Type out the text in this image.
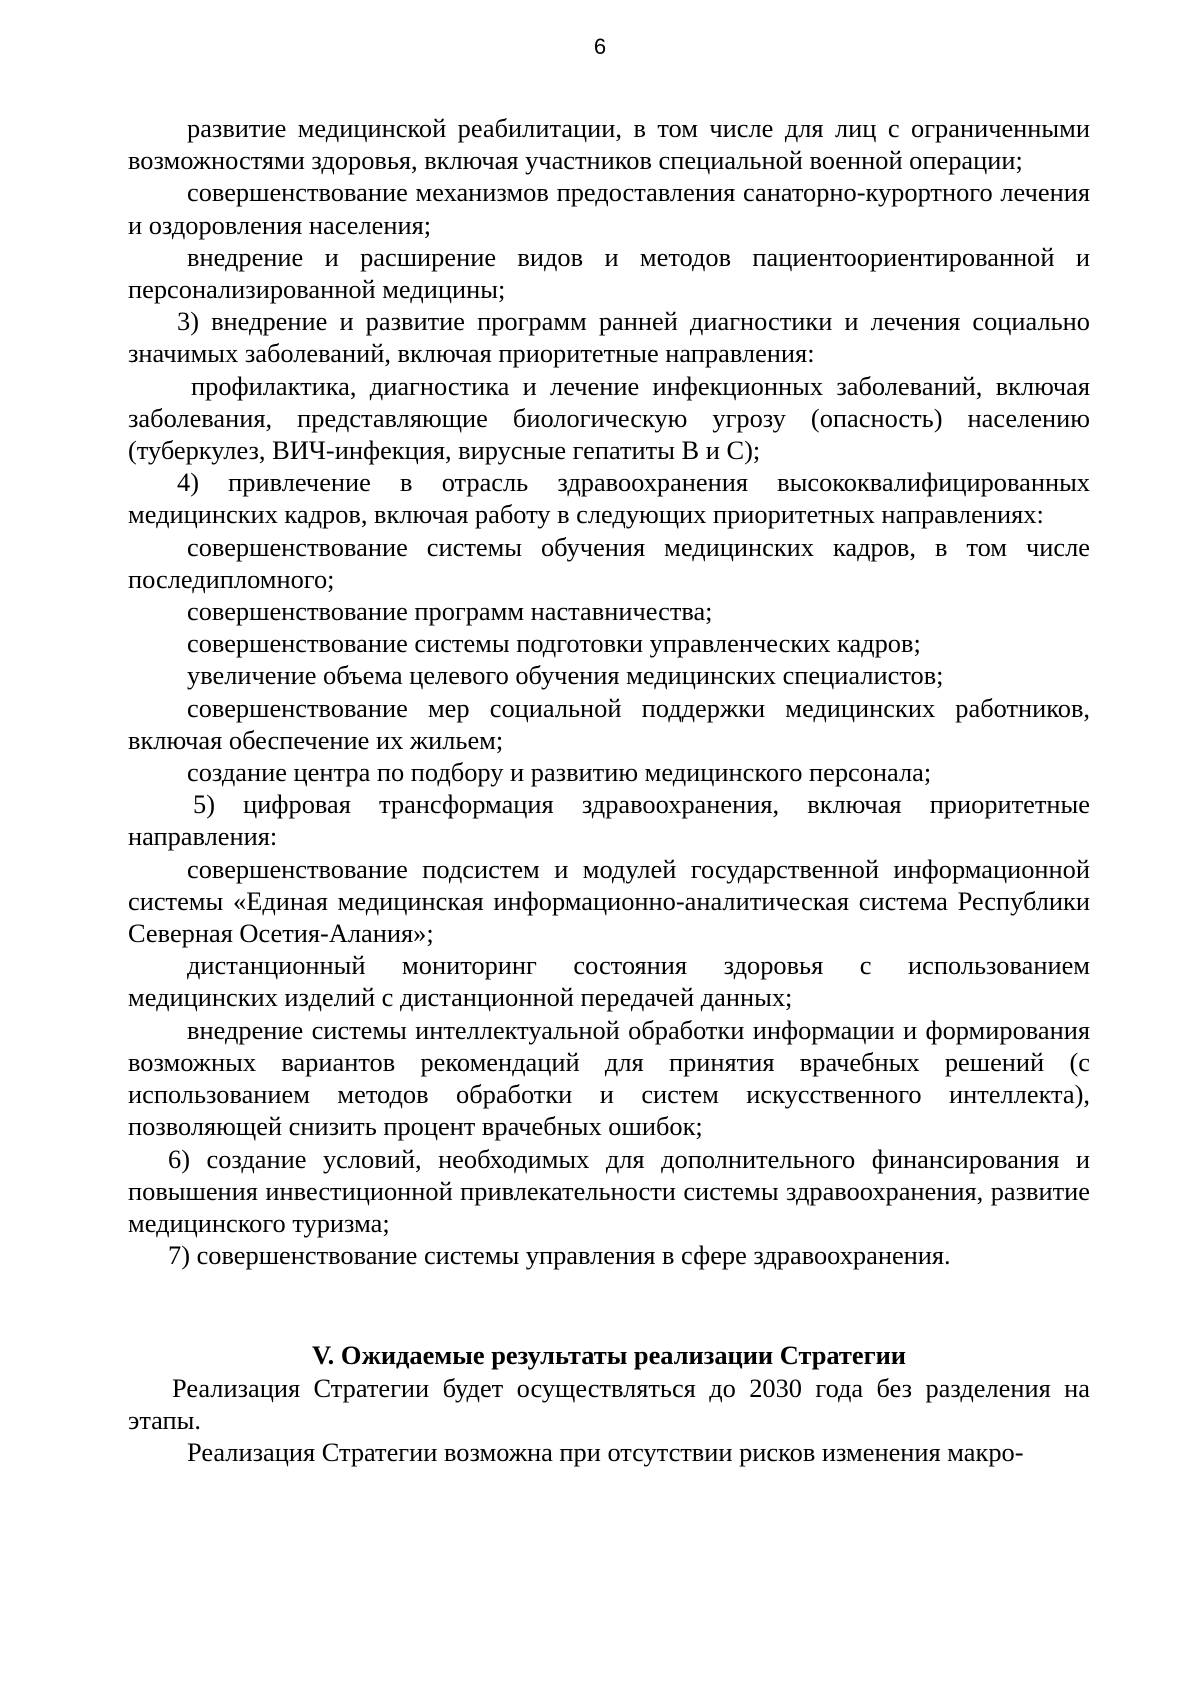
6

развитие медицинской реабилитации, в том числе для лиц с ограниченными возможностями здоровья, включая участников специальной военной операции;

совершенствование механизмов предоставления санаторно-курортного лечения и оздоровления населения;

внедрение и расширение видов и методов пациентоориентированной и персонализированной медицины;

3) внедрение и развитие программ ранней диагностики и лечения социально значимых заболеваний, включая приоритетные направления:

профилактика, диагностика и лечение инфекционных заболеваний, включая заболевания, представляющие биологическую угрозу (опасность) населению (туберкулез, ВИЧ-инфекция, вирусные гепатиты В и С);

4) привлечение в отрасль здравоохранения высококвалифицированных медицинских кадров, включая работу в следующих приоритетных направлениях:

совершенствование системы обучения медицинских кадров, в том числе последипломного;

совершенствование программ наставничества;

совершенствование системы подготовки управленческих кадров;

увеличение объема целевого обучения медицинских специалистов;

совершенствование мер социальной поддержки медицинских работников, включая обеспечение их жильем;

создание центра по подбору и развитию медицинского персонала;

5) цифровая трансформация здравоохранения, включая приоритетные направления:

совершенствование подсистем и модулей государственной информационной системы «Единая медицинская информационно-аналитическая система Республики Северная Осетия-Алания»;

дистанционный мониторинг состояния здоровья с использованием медицинских изделий с дистанционной передачей данных;

внедрение системы интеллектуальной обработки информации и формирования возможных вариантов рекомендаций для принятия врачебных решений (с использованием методов обработки и систем искусственного интеллекта), позволяющей снизить процент врачебных ошибок;

6) создание условий, необходимых для дополнительного финансирования и повышения инвестиционной привлекательности системы здравоохранения, развитие медицинского туризма;

7) совершенствование системы управления в сфере здравоохранения.

V. Ожидаемые результаты реализации Стратегии

Реализация Стратегии будет осуществляться до 2030 года без разделения на этапы.

Реализация Стратегии возможна при отсутствии рисков изменения макро-
